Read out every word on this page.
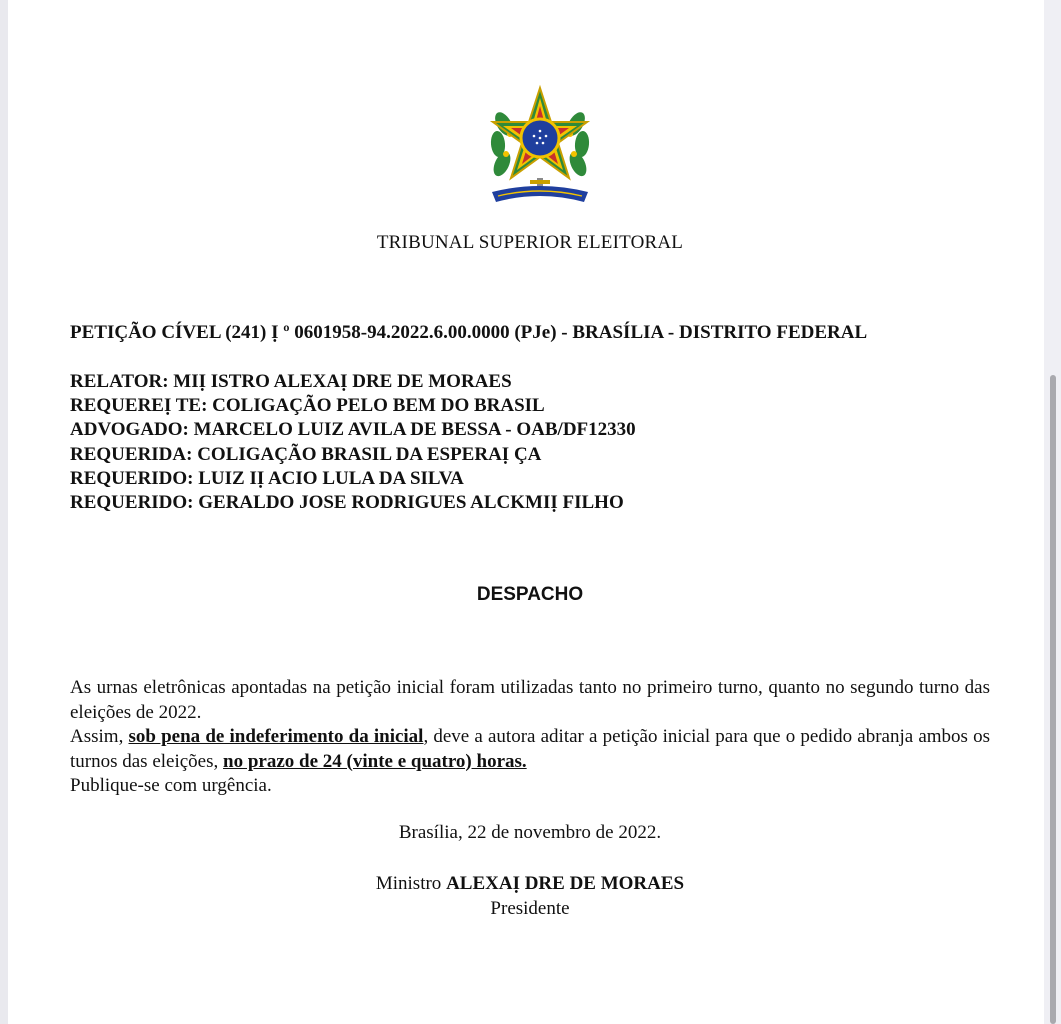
TRIBUNAL SUPERIOR ELEITORAL
PETIÇÃO CÍVEL (241) Ị º 0601958-94.2022.6.00.0000 (PJe) - BRASÍLIA - DISTRITO FEDERAL
RELATOR: MIỊ ISTRO ALEXAỊ DRE DE MORAES
REQUEREỊ TE: COLIGAÇÃO PELO BEM DO BRASIL
ADVOGADO: MARCELO LUIZ AVILA DE BESSA - OAB/DF12330
REQUERIDA: COLIGAÇÃO BRASIL DA ESPERAỊ ÇA
REQUERIDO: LUIZ IỊ ACIO LULA DA SILVA
REQUERIDO: GERALDO JOSE RODRIGUES ALCKMIỊ FILHO
DESPACHO

As urnas eletrônicas apontadas na petição inicial foram utilizadas tanto no primeiro turno, quanto no segundo turno das eleições de 2022.

Assim, sob pena de indeferimento da inicial, deve a autora aditar a petição inicial para que o pedido abranja ambos os turnos das eleições, no prazo de 24 (vinte e quatro) horas.

Publique-se com urgência.

Brasília, 22 de novembro de 2022.
Ministro ALEXAỊ DRE DE MORAES
Presidente
